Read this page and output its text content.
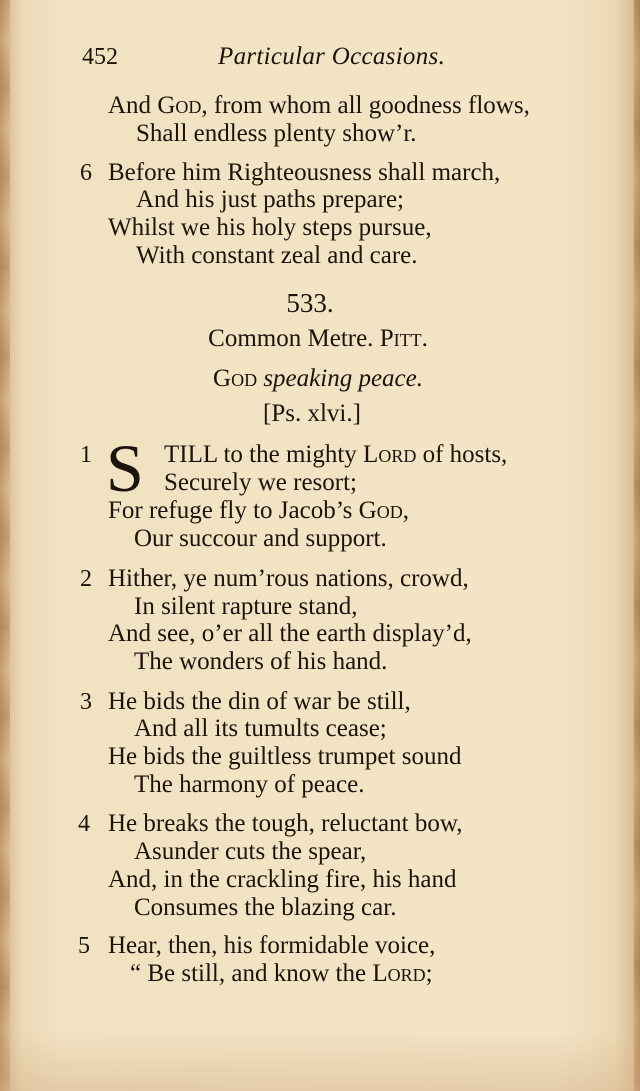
452	Particular Occasions.
And God, from whom all goodness flows,
Shall endless plenty show’r.
6 Before him Righteousness shall march,
And his just paths prepare;
Whilst we his holy steps pursue,
With constant zeal and care.
533.
Common Metre. Pitt.
God speaking peace.
[Ps. xlvi.]
1 S TILL to the mighty Lord of hosts,
Securely we resort;
For refuge fly to Jacob’s God,
Our succour and support.
2 Hither, ye num’rous nations, crowd,
In silent rapture stand,
And see, o’er all the earth display’d,
The wonders of his hand.
3 He bids the din of war be still,
And all its tumults cease;
He bids the guiltless trumpet sound
The harmony of peace.
4 He breaks the tough, reluctant bow,
Asunder cuts the spear,
And, in the crackling fire, his hand
Consumes the blazing car.
5 Hear, then, his formidable voice,
“ Be still, and know the Lord;
